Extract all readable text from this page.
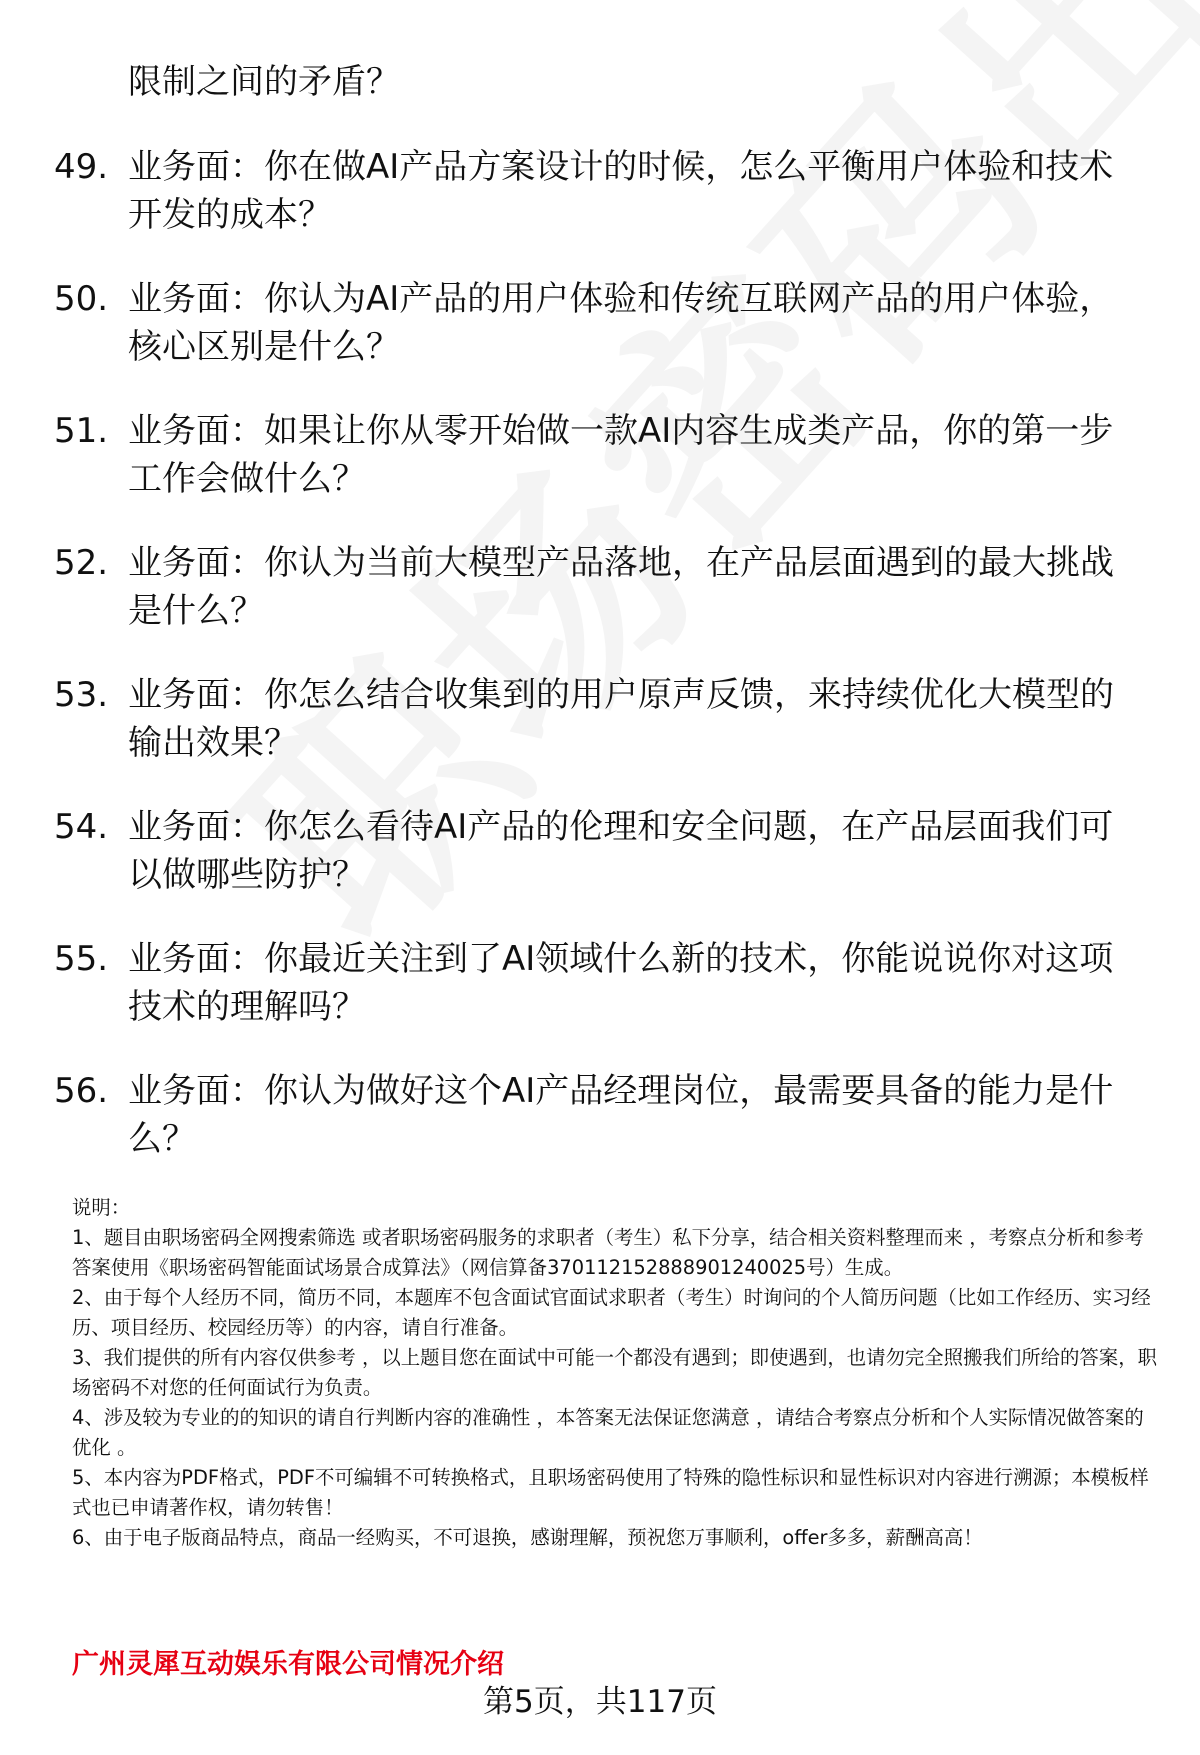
限制之间的矛盾？
49. 业务面：你在做AI产品方案设计的时候，怎么平衡用户体验和技术开发的成本？
50. 业务面：你认为AI产品的用户体验和传统互联网产品的用户体验，核心区别是什么？
51. 业务面：如果让你从零开始做一款AI内容生成类产品，你的第一步工作会做什么？
52. 业务面：你认为当前大模型产品落地，在产品层面遇到的最大挑战是什么？
53. 业务面：你怎么结合收集到的用户原声反馈，来持续优化大模型的输出效果？
54. 业务面：你怎么看待AI产品的伦理和安全问题，在产品层面我们可以做哪些防护？
55. 业务面：你最近关注到了AI领域什么新的技术，你能说说你对这项技术的理解吗？
56. 业务面：你认为做好这个AI产品经理岗位，最需要具备的能力是什么？

说明：

1、题目由职场密码全网搜索筛选 或者职场密码服务的求职者（考生）私下分享，结合相关资料整理而来 ，考察点分析和参考答案使用《职场密码智能面试场景合成算法》（网信算备370112152888901240025号）生成。

2、由于每个人经历不同，简历不同，本题库不包含面试官面试求职者（考生）时询问的个人简历问题（比如工作经历、实习经历、项目经历、校园经历等）的内容，请自行准备。

3、我们提供的所有内容仅供参考 ，以上题目您在面试中可能一个都没有遇到；即使遇到，也请勿完全照搬我们所给的答案，职场密码不对您的任何面试行为负责。

4、涉及较为专业的的知识的请自行判断内容的准确性 ，本答案无法保证您满意 ，请结合考察点分析和个人实际情况做答案的优化 。

5、本内容为PDF格式，PDF不可编辑不可转换格式，且职场密码使用了特殊的隐性标识和显性标识对内容进行溯源；本模板样式也已申请著作权，请勿转售！

6、由于电子版商品特点，商品一经购买，不可退换，感谢理解，预祝您万事顺利，offer多多，薪酬高高！

广州灵犀互动娱乐有限公司情况介绍
第5页，共117页
